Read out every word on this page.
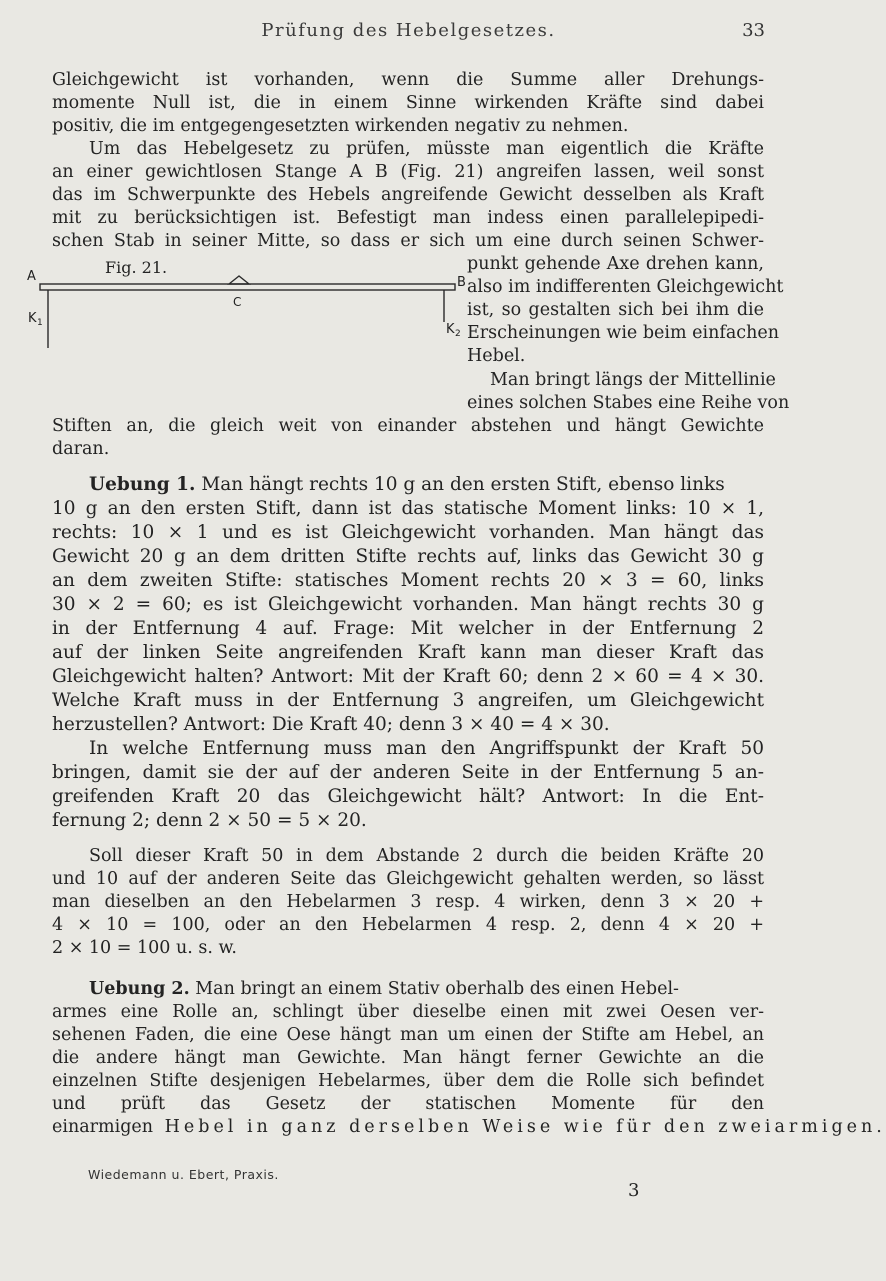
Prüfung des Hebelgesetzes.	33
Gleichgewicht ist vorhanden, wenn die Summe aller Drehungs-
momente Null ist, die in einem Sinne wirkenden Kräfte sind dabei
positiv, die im entgegengesetzten wirkenden negativ zu nehmen.
Um das Hebelgesetz zu prüfen, müsste man eigentlich die Kräfte
an einer gewichtlosen Stange A B (Fig. 21) angreifen lassen, weil sonst
das im Schwerpunkte des Hebels angreifende Gewicht desselben als Kraft
mit zu berücksichtigen ist. Befestigt man indess einen parallelepipedi-
schen Stab in seiner Mitte, so dass er sich um eine durch seinen Schwer-
Fig. 21.
A	B
C
K 1	K 2
punkt gehende Axe drehen kann,
also im indifferenten Gleichgewicht
ist, so gestalten sich bei ihm die
Erscheinungen wie beim einfachen
Hebel.
Man bringt längs der Mittellinie
eines solchen Stabes eine Reihe von
Stiften an, die gleich weit von einander abstehen und hängt Gewichte
daran.
Uebung 1. Man hängt rechts 10 g an den ersten Stift, ebenso links
10 g an den ersten Stift, dann ist das statische Moment links: 10 × 1,
rechts: 10 × 1 und es ist Gleichgewicht vorhanden. Man hängt das
Gewicht 20 g an dem dritten Stifte rechts auf, links das Gewicht 30 g
an dem zweiten Stifte: statisches Moment rechts 20 × 3 = 60, links
30 × 2 = 60; es ist Gleichgewicht vorhanden. Man hängt rechts 30 g
in der Entfernung 4 auf. Frage: Mit welcher in der Entfernung 2
auf der linken Seite angreifenden Kraft kann man dieser Kraft das
Gleichgewicht halten? Antwort: Mit der Kraft 60; denn 2 × 60 = 4 × 30.
Welche Kraft muss in der Entfernung 3 angreifen, um Gleichgewicht
herzustellen? Antwort: Die Kraft 40; denn 3 × 40 = 4 × 30.
In welche Entfernung muss man den Angriffspunkt der Kraft 50
bringen, damit sie der auf der anderen Seite in der Entfernung 5 an-
greifenden Kraft 20 das Gleichgewicht hält? Antwort: In die Ent-
fernung 2; denn 2 × 50 = 5 × 20.
Soll dieser Kraft 50 in dem Abstande 2 durch die beiden Kräfte 20
und 10 auf der anderen Seite das Gleichgewicht gehalten werden, so lässt
man dieselben an den Hebelarmen 3 resp. 4 wirken, denn 3 × 20 +
4 × 10 = 100, oder an den Hebelarmen 4 resp. 2, denn 4 × 20 +
2 × 10 = 100 u. s. w.
Uebung 2. Man bringt an einem Stativ oberhalb des einen Hebel-
armes eine Rolle an, schlingt über dieselbe einen mit zwei Oesen ver-
sehenen Faden, die eine Oese hängt man um einen der Stifte am Hebel, an
die andere hängt man Gewichte. Man hängt ferner Gewichte an die
einzelnen Stifte desjenigen Hebelarmes, über dem die Rolle sich befindet
und prüft das Gesetz der statischen Momente für den
einarmigen Hebel in ganz derselben Weise wie für den zweiarmigen.
Wiedemann u. Ebert, Praxis.
3
